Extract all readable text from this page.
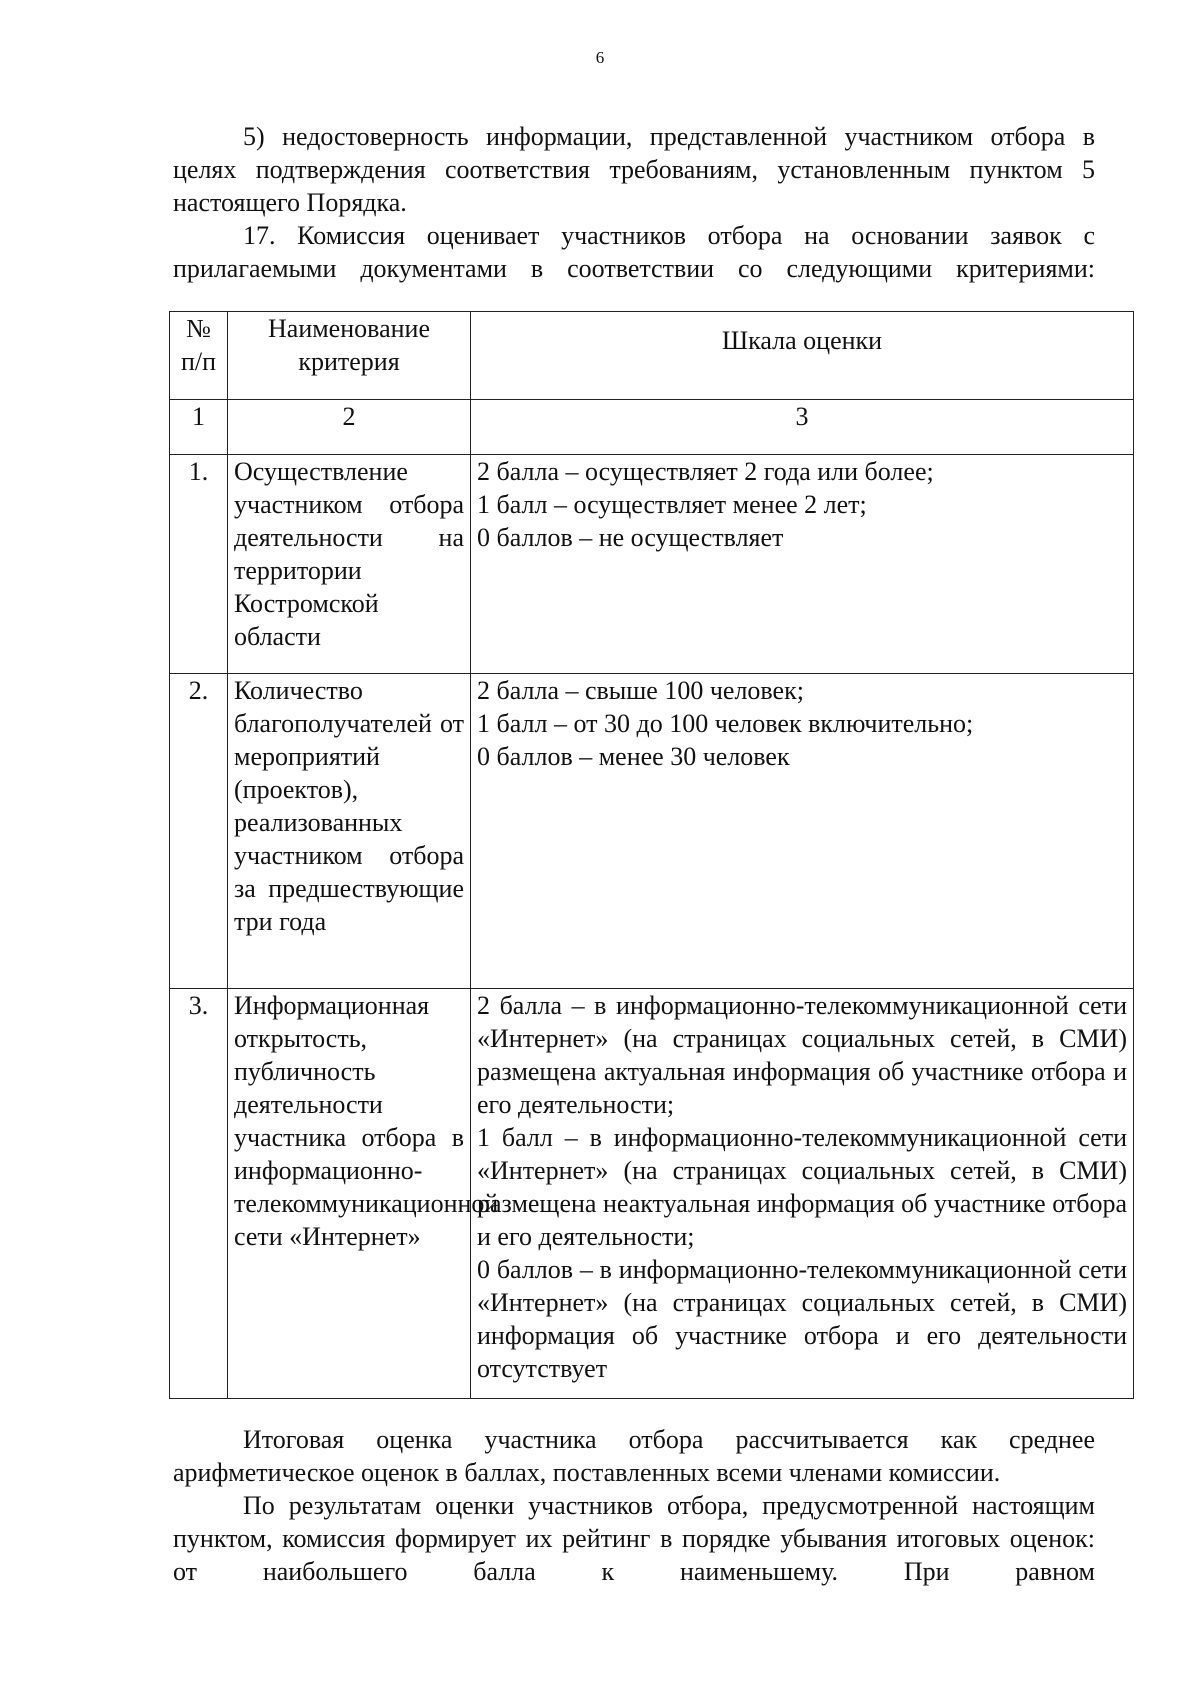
6

5) недостоверность информации, представленной участником отбора в целях подтверждения соответствия требованиям, установленным пунктом 5 настоящего Порядка.

17. Комиссия оценивает участников отбора на основании заявок с прилагаемыми документами в соответствии со следующими критериями:

№ п/п	Наименование критерия	Шкала оценки
1	2	3
1.	Осуществление участником отбора деятельности на территории Костромской области	2 балла – осуществляет 2 года или более;
1 балл – осуществляет менее 2 лет;
0 баллов – не осуществляет

2.	Количество благополучателей от мероприятий (проектов), реализованных участником отбора за предшествующие три года	2 балла – свыше 100 человек;
1 балл – от 30 до 100 человек включительно;
0 баллов – менее 30 человек

3.	Информационная открытость, публичность деятельности участника отбора в информационно-телекоммуникационной сети «Интернет»	2 балла – в информационно-телекоммуникационной сети «Интернет» (на страницах социальных сетей, в СМИ) размещена актуальная информация об участнике отбора и его деятельности;
1 балл – в информационно-телекоммуникационной сети «Интернет» (на страницах социальных сетей, в СМИ) размещена неактуальная информация об участнике отбора и его деятельности;
0 баллов – в информационно-телекоммуникационной сети «Интернет» (на страницах социальных сетей, в СМИ) информация об участнике отбора и его деятельности отсутствует

Итоговая оценка участника отбора рассчитывается как среднее арифметическое оценок в баллах, поставленных всеми членами комиссии.

По результатам оценки участников отбора, предусмотренной настоящим пунктом, комиссия формирует их рейтинг в порядке убывания итоговых оценок: от наибольшего балла к наименьшему. При равном
